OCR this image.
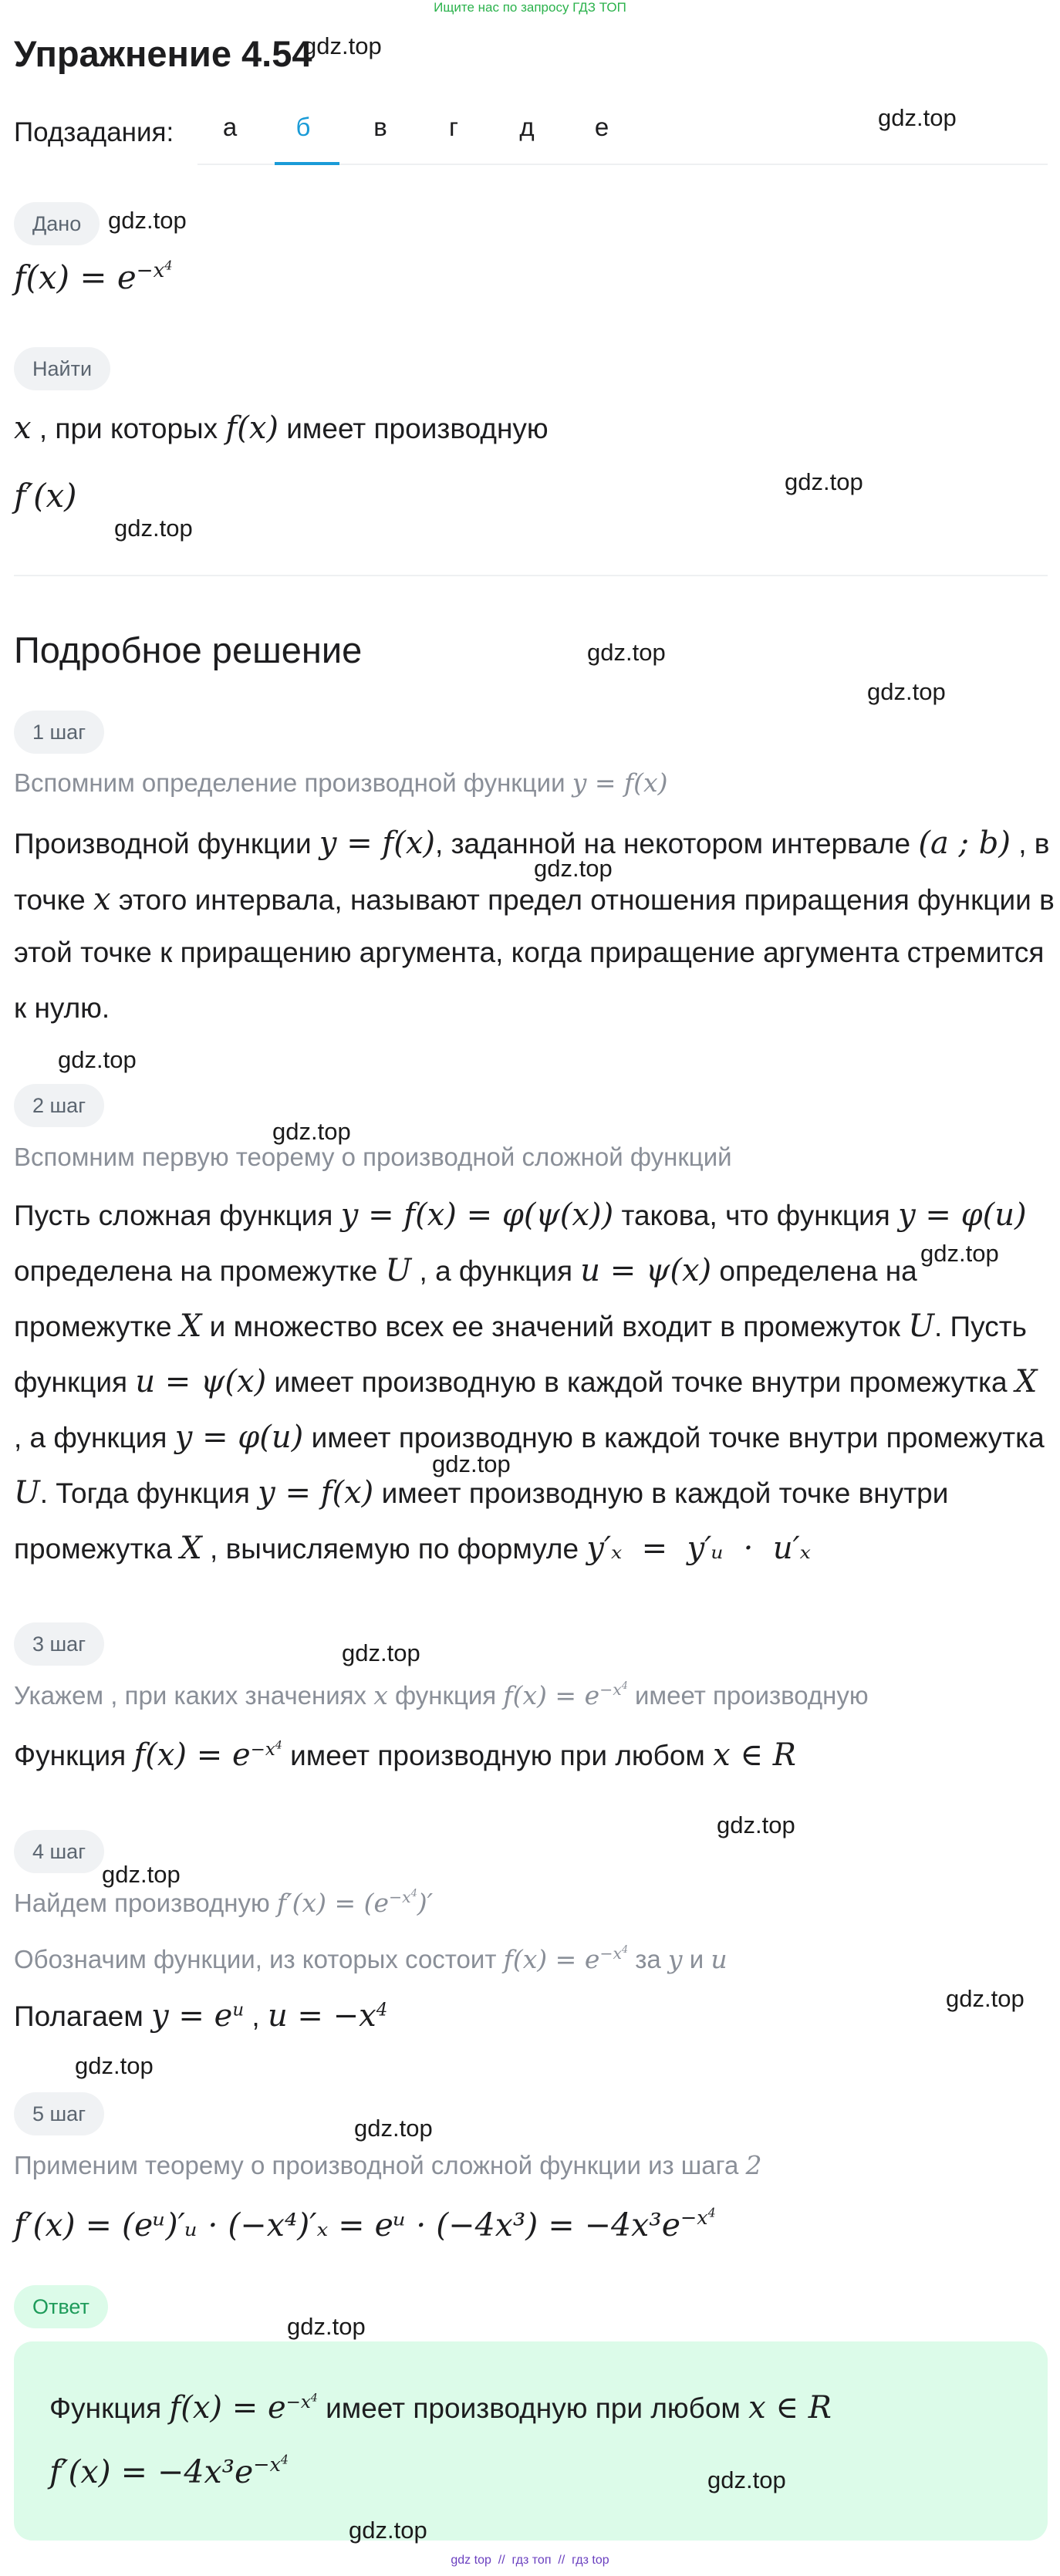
Ищите нас по запросу ГДЗ ТОП
Упражнение 4.54
Подзадания:	а	б	в	г	д	е
Дано
$f(x) = e^{-x^4}$
Найти
x , при которых f(x) имеет производную
f′(x)
Подробное решение
1 шаг
Вспомним определение производной функции y = f(x)
Производной функции y = f(x), заданной на некотором интервале (a ; b) , в
точке x этого интервала, называют предел отношения приращения функции в
этой точке к приращению аргумента, когда приращение аргумента стремится
к нулю.
2 шаг
Вспомним первую теорему о производной сложной функций
Пусть сложная функция y = f(x) = φ(ψ(x)) такова, что функция y = φ(u)
определена на промежутке U , а функция u = ψ(x) определена на
промежутке X и множество всех ее значений входит в промежуток U. Пусть
функция u = ψ(x) имеет производную в каждой точке внутри промежутка X
, а функция y = φ(u) имеет производную в каждой точке внутри промежутка
U. Тогда функция y = f(x) имеет производную в каждой точке внутри
промежутка X , вычисляемую по формуле y′ₓ  =  y′ᵤ  ·  u′ₓ
3 шаг
Укажем , при каких значениях x функция $f(x) = e^{-x^4}$ имеет производную
Функция $f(x) = e^{-x^4}$ имеет производную при любом x ∈ R
4 шаг
Найдем производную $f'(x) = (e^{-x^4})'$
Обозначим функции, из которых состоит $f(x) = e^{-x^4}$ за y и u
Полагаем $y = e^u$ , $u = -x^4$
5 шаг
Применим теорему о производной сложной функции из шага 2
f′(x) = (eᵘ)′ᵤ · (−x⁴)′ₓ = eᵘ · $(-4x^3) = -4x^3e^{-x^4}$
Ответ
Функция $f(x) = e^{-x^4}$ имеет производную при любом x ∈ R
$f'(x) = -4x^3e^{-x^4}$
gdz top  //  гдз топ  //  гдз top
gdz.top
gdz.top
gdz.top
gdz.top
gdz.top
gdz.top
gdz.top
gdz.top
gdz.top
gdz.top
gdz.top
gdz.top
gdz.top
gdz.top
gdz.top
gdz.top
gdz.top
gdz.top
gdz.top
gdz.top
gdz.top
